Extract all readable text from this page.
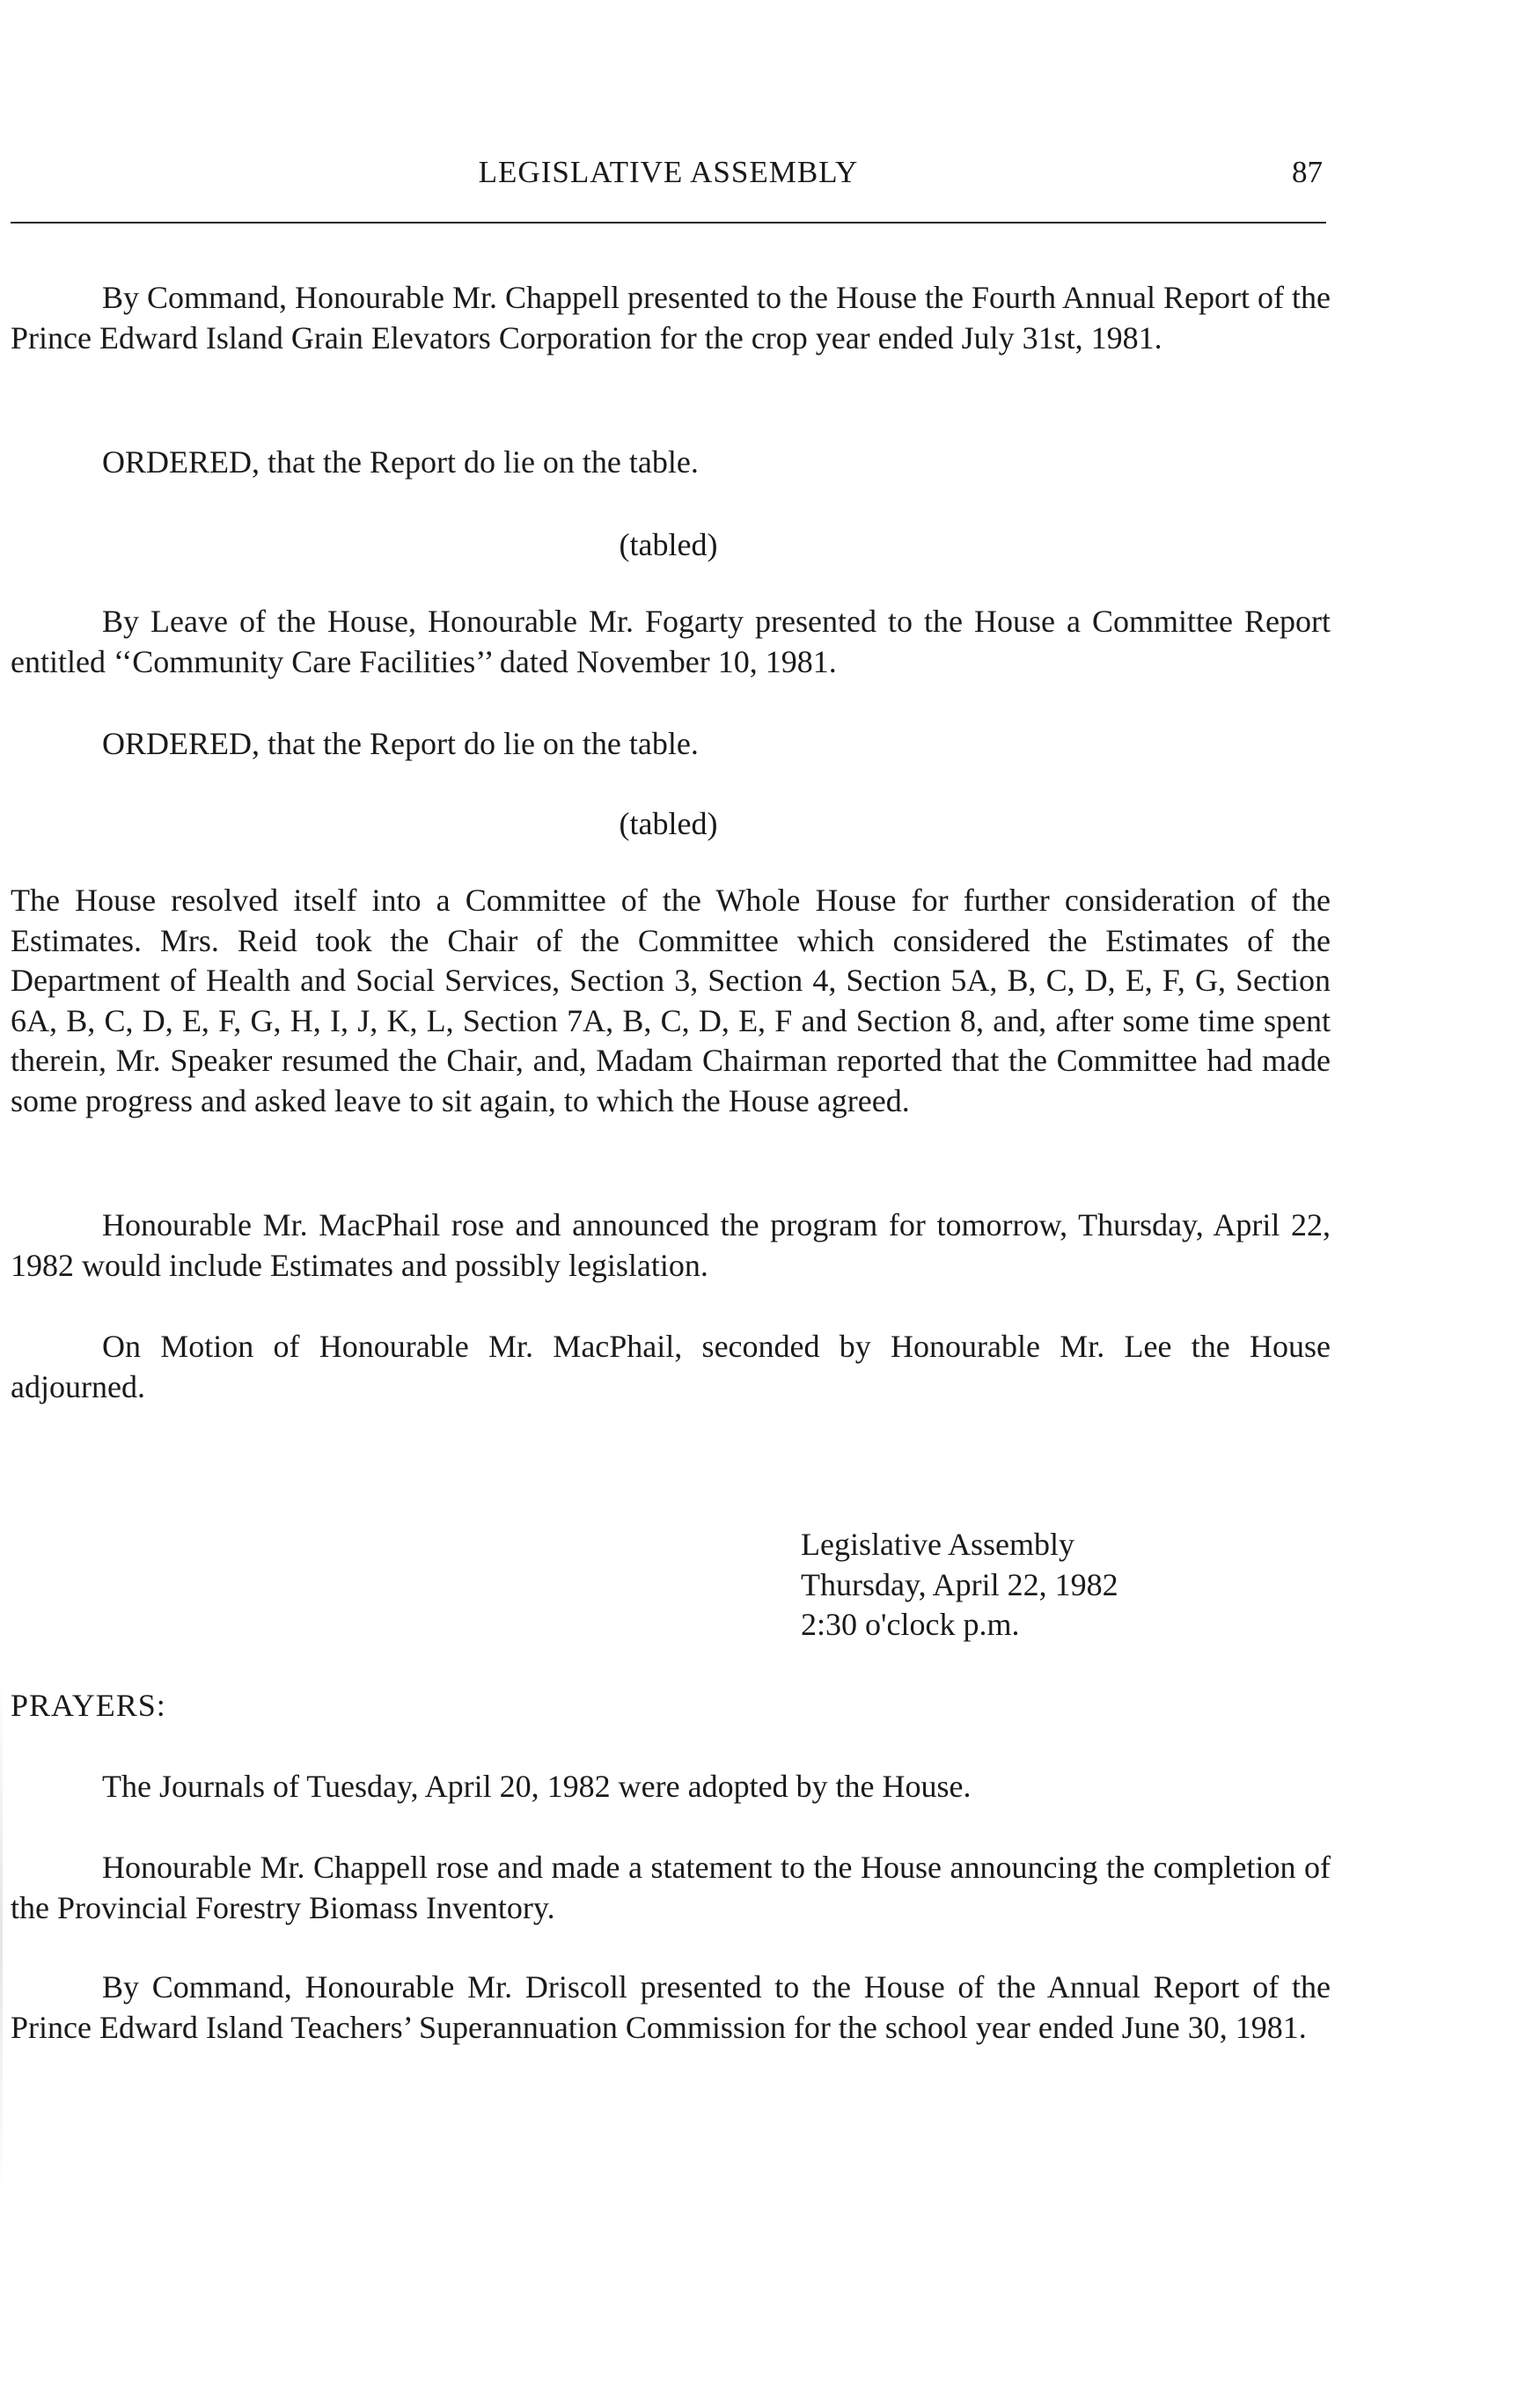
LEGISLATIVE ASSEMBLY	87
By Command, Honourable Mr. Chappell presented to the House the Fourth Annual Report of the Prince Edward Island Grain Elevators Corporation for the crop year ended July 31st, 1981.
ORDERED, that the Report do lie on the table.
(tabled)
By Leave of the House, Honourable Mr. Fogarty presented to the House a Committee Report entitled ‘‘Community Care Facilities’’ dated November 10, 1981.
ORDERED, that the Report do lie on the table.
(tabled)
The House resolved itself into a Committee of the Whole House for further consideration of the Estimates. Mrs. Reid took the Chair of the Committee which considered the Estimates of the Department of Health and Social Services, Section 3, Section 4, Section 5A, B, C, D, E, F, G, Section 6A, B, C, D, E, F, G, H, I, J, K, L, Section 7A, B, C, D, E, F and Section 8, and, after some time spent therein, Mr. Speaker resumed the Chair, and, Madam Chairman reported that the Committee had made some progress and asked leave to sit again, to which the House agreed.
Honourable Mr. MacPhail rose and announced the program for tomorrow, Thursday, April 22, 1982 would include Estimates and possibly legislation.
On Motion of Honourable Mr. MacPhail, seconded by Honourable Mr. Lee the House adjourned.
Legislative Assembly
Thursday, April 22, 1982
2:30 o'clock p.m.
PRAYERS:
The Journals of Tuesday, April 20, 1982 were adopted by the House.
Honourable Mr. Chappell rose and made a statement to the House announcing the completion of the Provincial Forestry Biomass Inventory.
By Command, Honourable Mr. Driscoll presented to the House of the Annual Report of the Prince Edward Island Teachers’ Superannuation Commission for the school year ended June 30, 1981.
